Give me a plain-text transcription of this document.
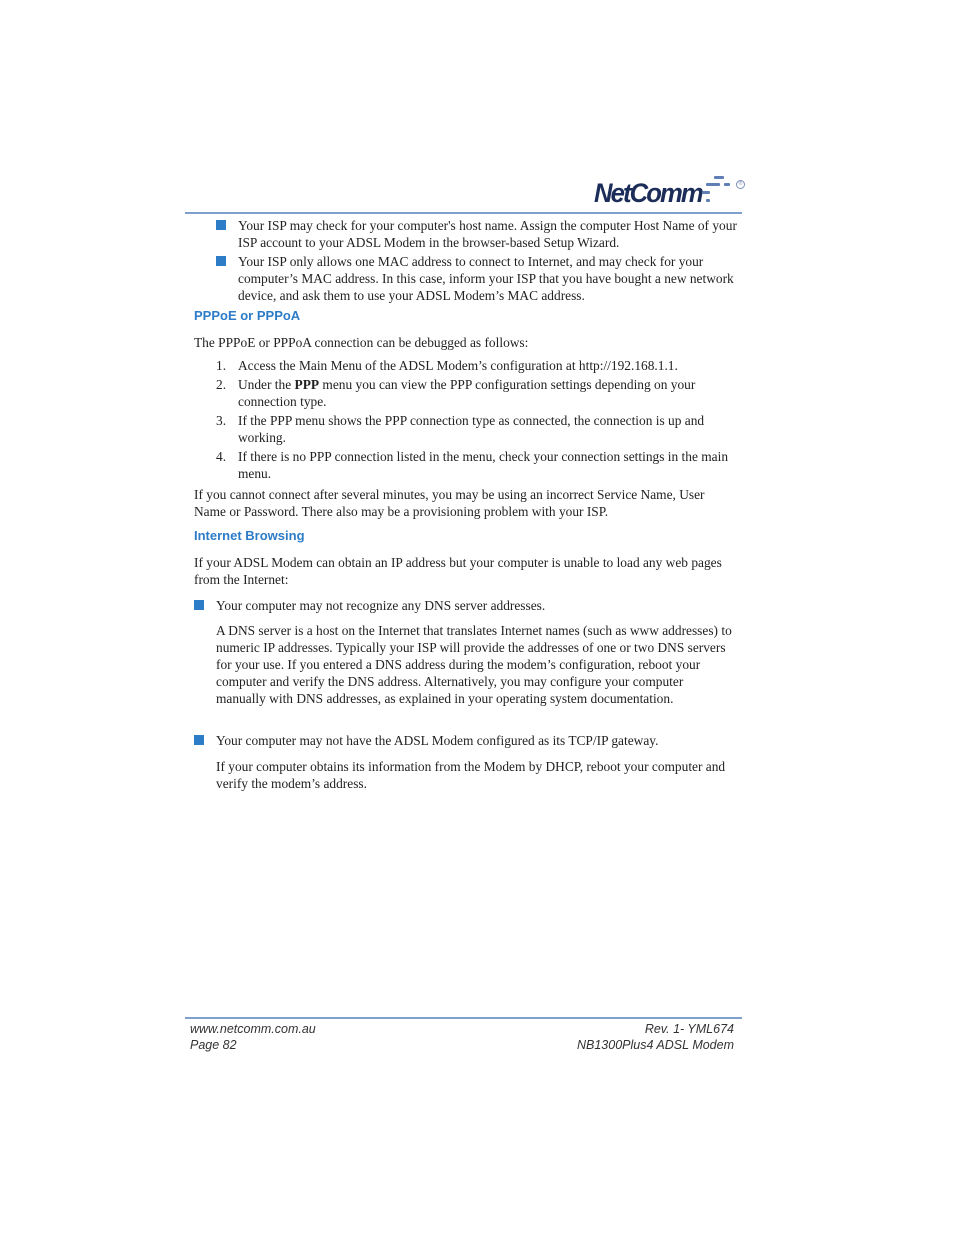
NetComm	®
Your ISP may check for your computer's host name. Assign the computer Host Name of your ISP account to your ADSL Modem in the browser-based Setup Wizard.
Your ISP only allows one MAC address to connect to Internet, and may check for your computer’s MAC address. In this case, inform your ISP that you have bought a new network device, and ask them to use your ADSL Modem’s MAC address.
PPPoE or PPPoA
The PPPoE or PPPoA connection can be debugged as follows:
1. Access the Main Menu of the ADSL Modem’s configuration at http://192.168.1.1.
2. Under the PPP menu you can view the PPP configuration settings depending on your connection type.
3. If the PPP menu shows the PPP connection type as connected, the connection is up and working.
4. If there is no PPP connection listed in the menu, check your connection settings in the main menu.
If you cannot connect after several minutes, you may be using an incorrect Service Name, User Name or Password. There also may be a provisioning problem with your ISP.
Internet Browsing
If your ADSL Modem can obtain an IP address but your computer is unable to load any web pages from the Internet:
Your computer may not recognize any DNS server addresses.
A DNS server is a host on the Internet that translates Internet names (such as www addresses) to numeric IP addresses. Typically your ISP will provide the addresses of one or two DNS servers for your use. If you entered a DNS address during the modem’s configuration, reboot your computer and verify the DNS address. Alternatively, you may configure your computer manually with DNS addresses, as explained in your operating system documentation.
Your computer may not have the ADSL Modem configured as its TCP/IP gateway.
If your computer obtains its information from the Modem by DHCP, reboot your computer and verify the modem’s address.
www.netcomm.com.au
Page 82
Rev. 1- YML674
NB1300Plus4 ADSL Modem
